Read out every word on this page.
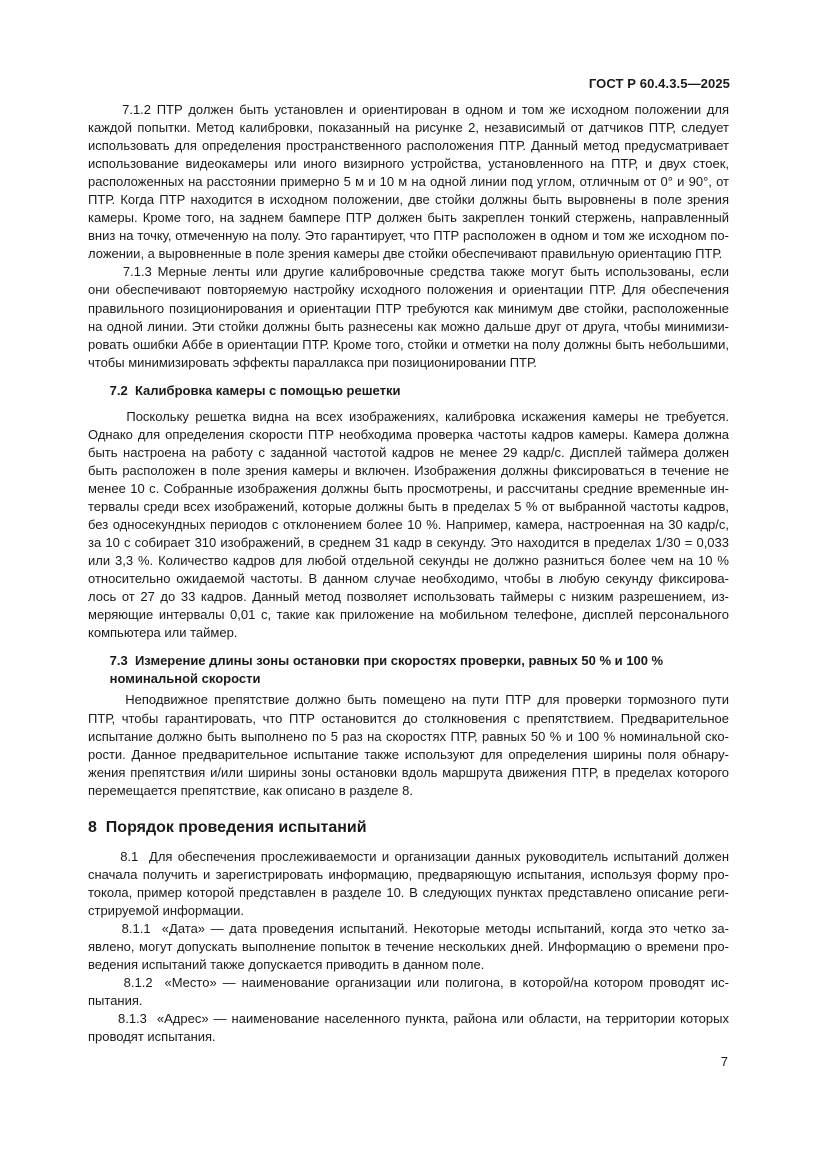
ГОСТ Р 60.4.3.5—2025
7.1.2 ПТР должен быть установлен и ориентирован в одном и том же исходном положении для
каждой попытки. Метод калибровки, показанный на рисунке 2, независимый от датчиков ПТР, следует
использовать для определения пространственного расположения ПТР. Данный метод предусматривает
использование видеокамеры или иного визирного устройства, установленного на ПТР, и двух стоек,
расположенных на расстоянии примерно 5 м и 10 м на одной линии под углом, отличным от 0° и 90°, от
ПТР. Когда ПТР находится в исходном положении, две стойки должны быть выровнены в поле зрения
камеры. Кроме того, на заднем бампере ПТР должен быть закреплен тонкий стержень, направленный
вниз на точку, отмеченную на полу. Это гарантирует, что ПТР расположен в одном и том же исходном по-
ложении, а выровненные в поле зрения камеры две стойки обеспечивают правильную ориентацию ПТР.
7.1.3 Мерные ленты или другие калибровочные средства также могут быть использованы, если
они обеспечивают повторяемую настройку исходного положения и ориентации ПТР. Для обеспечения
правильного позиционирования и ориентации ПТР требуются как минимум две стойки, расположенные
на одной линии. Эти стойки должны быть разнесены как можно дальше друг от друга, чтобы минимизи-
ровать ошибки Аббе в ориентации ПТР. Кроме того, стойки и отметки на полу должны быть небольшими,
чтобы минимизировать эффекты параллакса при позиционировании ПТР.
7.2  Калибровка камеры с помощью решетки
Поскольку решетка видна на всех изображениях, калибровка искажения камеры не требуется.
Однако для определения скорости ПТР необходима проверка частоты кадров камеры. Камера должна
быть настроена на работу с заданной частотой кадров не менее 29 кадр/с. Дисплей таймера должен
быть расположен в поле зрения камеры и включен. Изображения должны фиксироваться в течение не
менее 10 с. Собранные изображения должны быть просмотрены, и рассчитаны средние временные ин-
тервалы среди всех изображений, которые должны быть в пределах 5 % от выбранной частоты кадров,
без односекундных периодов с отклонением более 10 %. Например, камера, настроенная на 30 кадр/с,
за 10 с собирает 310 изображений, в среднем 31 кадр в секунду. Это находится в пределах 1/30 = 0,033
или 3,3 %. Количество кадров для любой отдельной секунды не должно разниться более чем на 10 %
относительно ожидаемой частоты. В данном случае необходимо, чтобы в любую секунду фиксирова-
лось от 27 до 33 кадров. Данный метод позволяет использовать таймеры с низким разрешением, из-
меряющие интервалы 0,01 с, такие как приложение на мобильном телефоне, дисплей персонального
компьютера или таймер.
7.3  Измерение длины зоны остановки при скоростях проверки, равных 50 % и 100 %
номинальной скорости
Неподвижное препятствие должно быть помещено на пути ПТР для проверки тормозного пути
ПТР, чтобы гарантировать, что ПТР остановится до столкновения с препятствием. Предварительное
испытание должно быть выполнено по 5 раз на скоростях ПТР, равных 50 % и 100 % номинальной ско-
рости. Данное предварительное испытание также используют для определения ширины поля обнару-
жения препятствия и/или ширины зоны остановки вдоль маршрута движения ПТР, в пределах которого
перемещается препятствие, как описано в разделе 8.
8  Порядок проведения испытаний
8.1  Для обеспечения прослеживаемости и организации данных руководитель испытаний должен
сначала получить и зарегистрировать информацию, предваряющую испытания, используя форму про-
токола, пример которой представлен в разделе 10. В следующих пунктах представлено описание реги-
стрируемой информации.
8.1.1  «Дата» — дата проведения испытаний. Некоторые методы испытаний, когда это четко за-
явлено, могут допускать выполнение попыток в течение нескольких дней. Информацию о времени про-
ведения испытаний также допускается приводить в данном поле.
8.1.2  «Место» — наименование организации или полигона, в которой/на котором проводят ис-
пытания.
8.1.3  «Адрес» — наименование населенного пункта, района или области, на территории которых
проводят испытания.
7
